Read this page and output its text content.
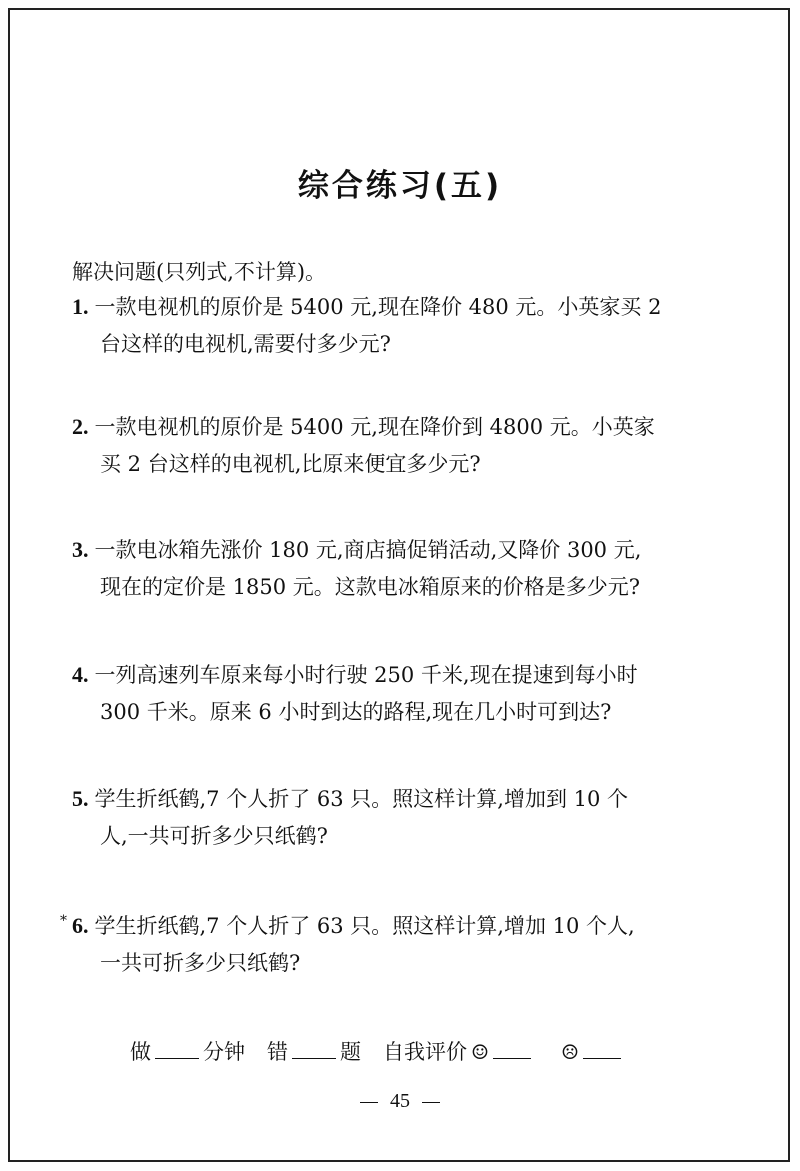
综合练习(五)
解决问题(只列式,不计算)。
1. 一款电视机的原价是 5400 元,现在降价 480 元。小英家买 2
台这样的电视机,需要付多少元?
2. 一款电视机的原价是 5400 元,现在降价到 4800 元。小英家
买 2 台这样的电视机,比原来便宜多少元?
3. 一款电冰箱先涨价 180 元,商店搞促销活动,又降价 300 元,
现在的定价是 1850 元。这款电冰箱原来的价格是多少元?
4. 一列高速列车原来每小时行驶 250 千米,现在提速到每小时
300 千米。原来 6 小时到达的路程,现在几小时可到达?
5. 学生折纸鹤,7 个人折了 63 只。照这样计算,增加到 10 个
人,一共可折多少只纸鹤?
* 6. 学生折纸鹤,7 个人折了 63 只。照这样计算,增加 10 个人,
一共可折多少只纸鹤?
做 分钟 错 题 自我评价 ☺	☹
45
